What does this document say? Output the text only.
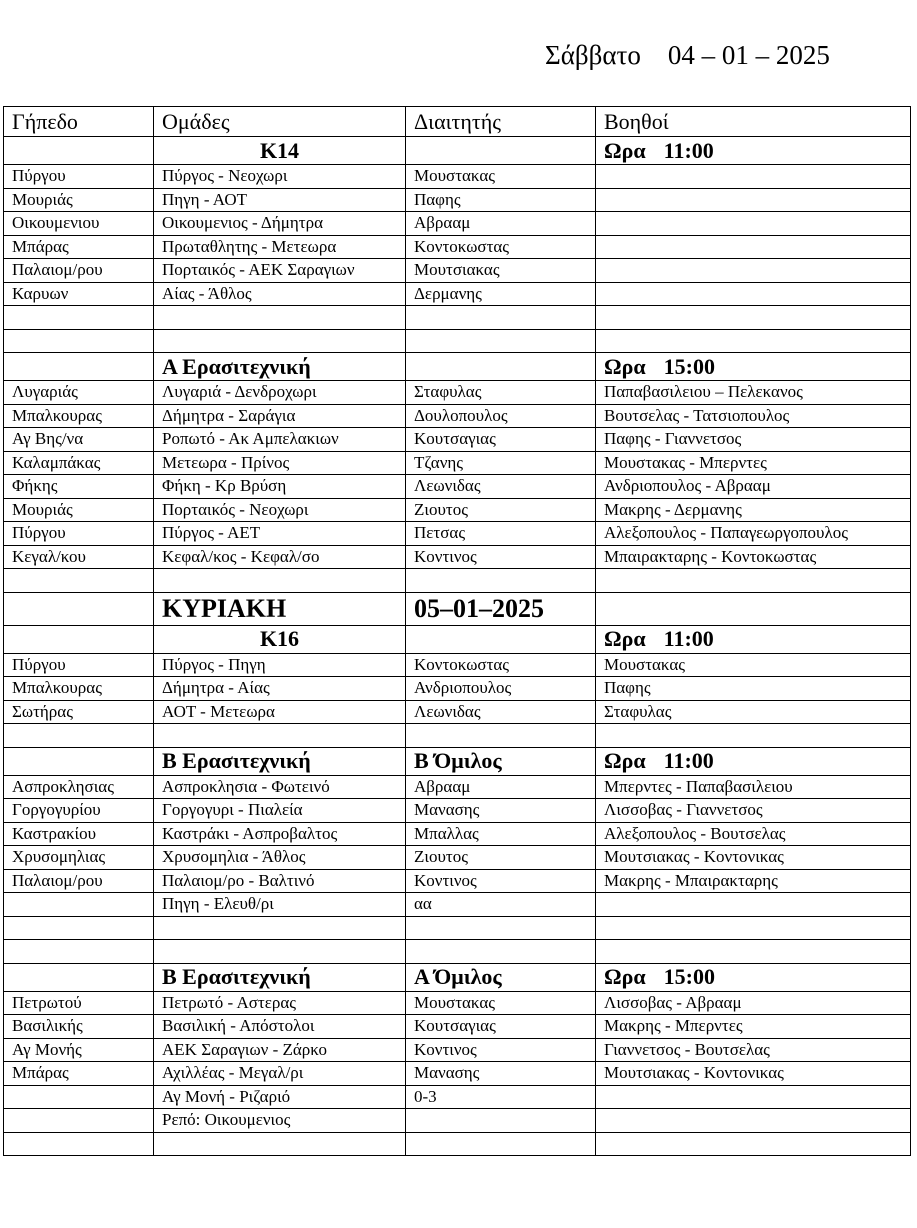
Σάββατο 04 – 01 – 2025
Γήπεδο	Ομάδες	Διαιτητής	Βοηθοί
	K14		Ωρα 11:00
Πύργου	Πύργος - Νεοχωρι	Μουστακας	
Μουριάς	Πηγη - ΑΟΤ	Παφης	
Οικουμενιου	Οικουμενιος - Δήμητρα	Αβρααμ	
Μπάρας	Πρωταθλητης - Μετεωρα	Κοντοκωστας	
Παλαιομ/ρου	Πορταικός - ΑΕΚ Σαραγιων	Μουτσιακας	
Καρυων	Αίας - Άθλος	Δερμανης	

	Α Ερασιτεχνική		Ωρα 15:00
Λυγαριάς	Λυγαριά - Δενδροχωρι	Σταφυλας	Παπαβασιλειου – Πελεκανος
Μπαλκουρας	Δήμητρα - Σαράγια	Δουλοπουλος	Βουτσελας - Τατσιοπουλος
Αγ Βης/να	Ροπωτό - Ακ Αμπελακιων	Κουτσαγιας	Παφης - Γιαννετσος
Καλαμπάκας	Μετεωρα - Πρίνος	Τζανης	Μουστακας - Μπερντες
Φήκης	Φήκη - Κρ Βρύση	Λεωνιδας	Ανδριοπουλος - Αβρααμ
Μουριάς	Πορταικός - Νεοχωρι	Ζιουτος	Μακρης - Δερμανης
Πύργου	Πύργος - ΑΕΤ	Πετσας	Αλεξοπουλος - Παπαγεωργοπουλος
Κεγαλ/κου	Κεφαλ/κος - Κεφαλ/σο	Κοντινος	Μπαιρακταρης - Κοντοκωστας

	ΚΥΡΙΑΚΗ	05–01–2025	
	K16		Ωρα 11:00
Πύργου	Πύργος - Πηγη	Κοντοκωστας	Μουστακας
Μπαλκουρας	Δήμητρα - Αίας	Ανδριοπουλος	Παφης
Σωτήρας	ΑΟΤ - Μετεωρα	Λεωνιδας	Σταφυλας

	Β Ερασιτεχνική	Β Όμιλος	Ωρα 11:00
Ασπροκλησιας	Ασπροκλησια - Φωτεινό	Αβρααμ	Μπερντες - Παπαβασιλειου
Γοργογυρίου	Γοργογυρι - Πιαλεία	Μανασης	Λισσοβας - Γιαννετσος
Καστρακίου	Καστράκι - Ασπροβαλτος	Μπαλλας	Αλεξοπουλος - Βουτσελας
Χρυσομηλιας	Χρυσομηλια - Άθλος	Ζιουτος	Μουτσιακας - Κοντονικας
Παλαιομ/ρου	Παλαιομ/ρο - Βαλτινό	Κοντινος	Μακρης - Μπαιρακταρης
	Πηγη - Ελευθ/ρι	αα	

	Β Ερασιτεχνική	Α Όμιλος	Ωρα 15:00
Πετρωτού	Πετρωτό - Αστερας	Μουστακας	Λισσοβας - Αβρααμ
Βασιλικής	Βασιλική - Απόστολοι	Κουτσαγιας	Μακρης - Μπερντες
Αγ Μονής	ΑΕΚ Σαραγιων - Ζάρκο	Κοντινος	Γιαννετσος - Βουτσελας
Μπάρας	Αχιλλέας - Μεγαλ/ρι	Μανασης	Μουτσιακας - Κοντονικας
	Αγ Μονή - Ριζαριό	0-3	
	Ρεπό: Οικουμενιος		
